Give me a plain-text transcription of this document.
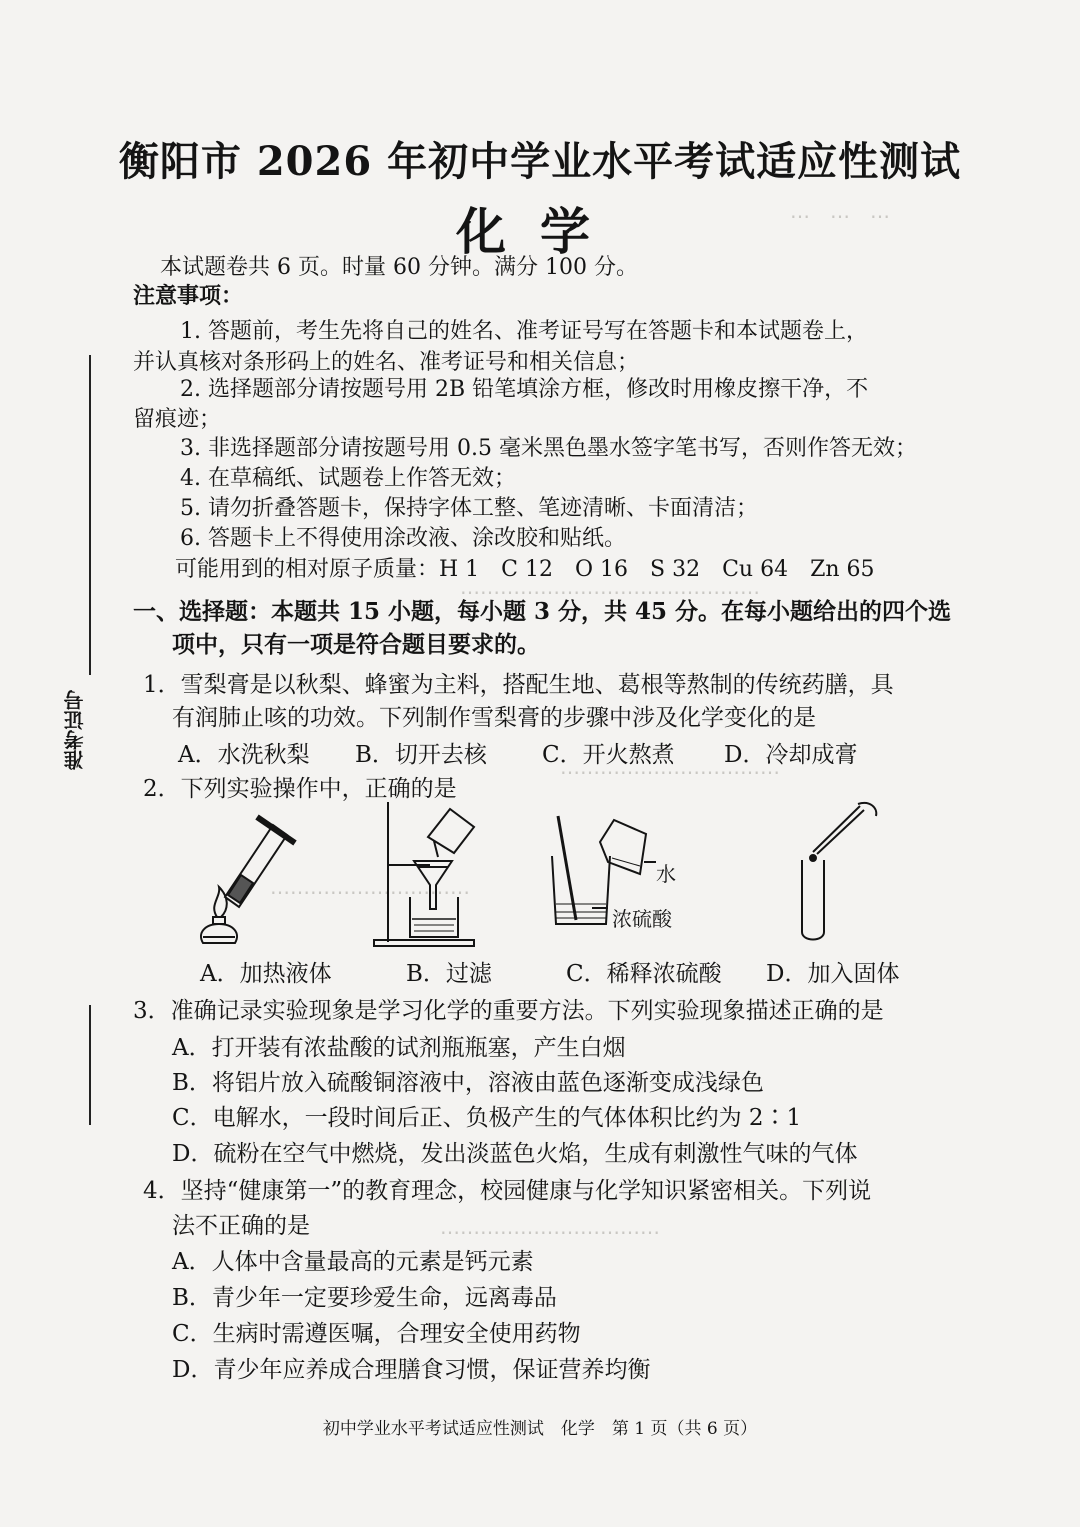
⋯　⋯　⋯
⋯⋯⋯⋯⋯⋯⋯⋯⋯⋯⋯⋯⋯⋯⋯
⋯⋯⋯⋯⋯⋯⋯⋯⋯⋯⋯
⋯⋯⋯⋯⋯⋯⋯⋯⋯⋯
⋯⋯⋯⋯⋯⋯⋯⋯⋯⋯⋯
准考证号
衡阳市 2026 年初中学业水平考试适应性测试
化学
本试题卷共 6 页。时量 60 分钟。满分 100 分。
注意事项：
1. 答题前，考生先将自己的姓名、准考证号写在答题卡和本试题卷上，
并认真核对条形码上的姓名、准考证号和相关信息；
2. 选择题部分请按题号用 2B 铅笔填涂方框，修改时用橡皮擦干净，不
留痕迹；
3. 非选择题部分请按题号用 0.5 毫米黑色墨水签字笔书写，否则作答无效；
4. 在草稿纸、试题卷上作答无效；
5. 请勿折叠答题卡，保持字体工整、笔迹清晰、卡面清洁；
6. 答题卡上不得使用涂改液、涂改胶和贴纸。
可能用到的相对原子质量：H 1　C 12　O 16　S 32　Cu 64　Zn 65
一、选择题：本题共 15 小题，每小题 3 分，共 45 分。在每小题给出的四个选
项中，只有一项是符合题目要求的。
1．雪梨膏是以秋梨、蜂蜜为主料，搭配生地、葛根等熬制的传统药膳，具
有润肺止咳的功效。下列制作雪梨膏的步骤中涉及化学变化的是
A．水洗秋梨 B．切开去核 C．开火熬煮 D．冷却成膏
2．下列实验操作中，正确的是
水
浓硫酸
A．加热液体	B．过滤	C．稀释浓硫酸 D．加入固体
3．准确记录实验现象是学习化学的重要方法。下列实验现象描述正确的是
A．打开装有浓盐酸的试剂瓶瓶塞，产生白烟
B．将铝片放入硫酸铜溶液中，溶液由蓝色逐渐变成浅绿色
C．电解水，一段时间后正、负极产生的气体体积比约为 2∶1
D．硫粉在空气中燃烧，发出淡蓝色火焰，生成有刺激性气味的气体
4．坚持“健康第一”的教育理念，校园健康与化学知识紧密相关。下列说
法不正确的是
A．人体中含量最高的元素是钙元素
B．青少年一定要珍爱生命，远离毒品
C．生病时需遵医嘱，合理安全使用药物
D．青少年应养成合理膳食习惯，保证营养均衡
初中学业水平考试适应性测试　化学　第 1 页（共 6 页）
